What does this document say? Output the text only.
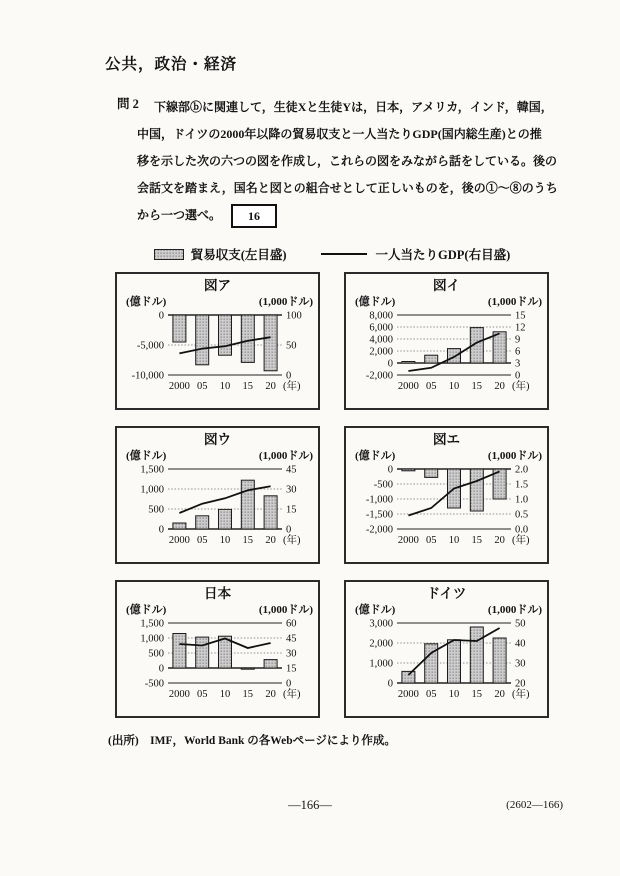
公共，政治・経済
問 2	下線部ⓑに関連して，生徒Xと生徒Yは，日本，アメリカ，インド，韓国，

中国，ドイツの2000年以降の貿易収支と一人当たりGDP(国内総生産)との推

移を示した次の六つの図を作成し，これらの図をみながら話をしている。後の

会話文を踏まえ，国名と図との組合せとして正しいものを，後の①～⑧のうち

から一つ選べ。 16

貿易収支(左目盛)	一人当たりGDP(右目盛)
図ア
(億ドル)	(1,000ドル)
0	100
-5,000	50
-10,000	0
2000 05 10 15 20 (年)
図イ
(億ドル)	(1,000ドル)
8,000	15
6,000	12
4,000	9
2,000	6
0	3
-2,000	0
2000 05 10 15 20 (年)
図ウ
(億ドル)	(1,000ドル)
1,500	45
1,000	30
500	15
0	0
2000 05 10 15 20 (年)
図エ
(億ドル)	(1,000ドル)
0	2.0
-500	1.5
-1,000	1.0
-1,500	0.5
-2,000	0.0
2000 05 10 15 20 (年)
日本
(億ドル)	(1,000ドル)
1,500	60
1,000	45
500	30
0	15
-500	0
2000 05 10 15 20 (年)
ドイツ
(億ドル)	(1,000ドル)
3,000	50
2,000	40
1,000	30
0	20
2000 05 10 15 20 (年)
(出所)　IMF，World Bank の各Webページにより作成。
—166—	(2602—166)
